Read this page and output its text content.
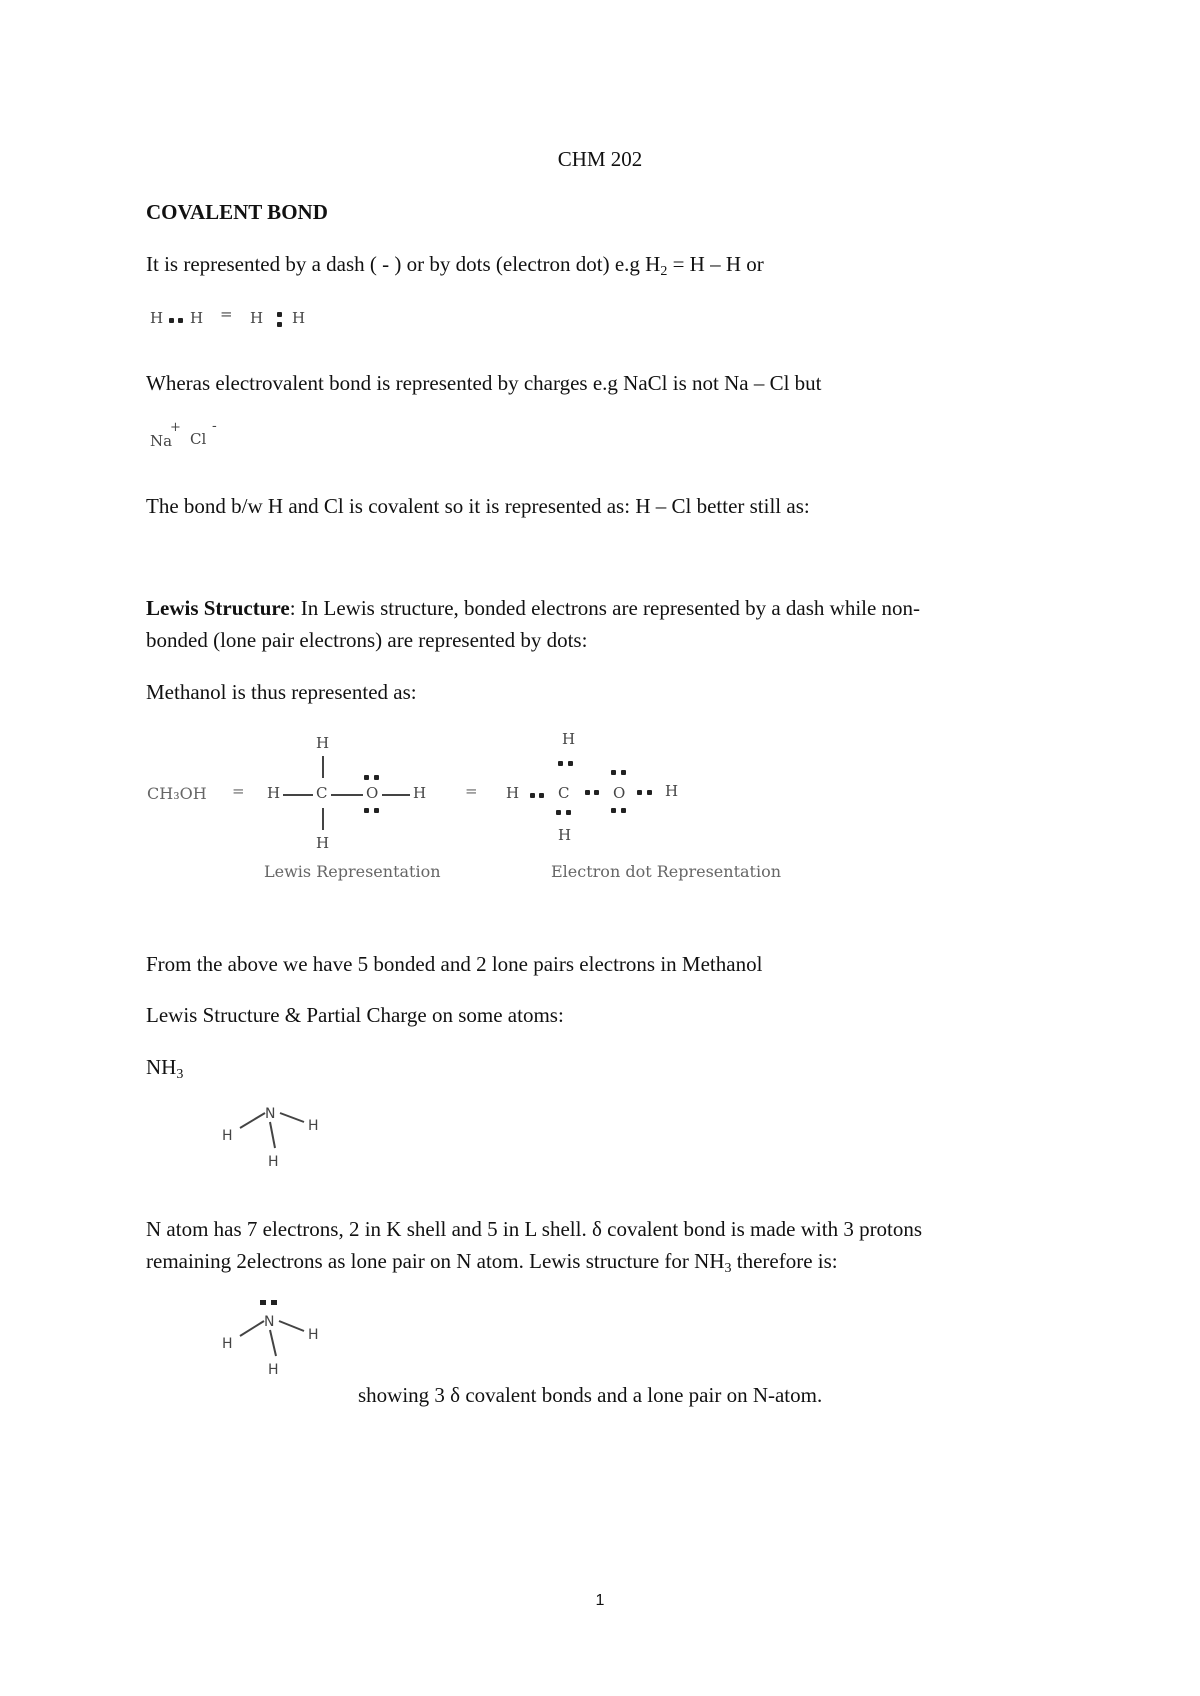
CHM 202
COVALENT BOND
It is represented by a dash ( - ) or by dots (electron dot) e.g $H_2 = H - H$ or
H H = H H
Wheras electrovalent bond is represented by charges e.g NaCl is not Na – Cl but
Na
+
Cl
-
The bond b/w H and Cl is covalent so it is represented as: H – Cl better still as:
Lewis Structure: In Lewis structure, bonded electrons are represented by a dash while non-
bonded (lone pair electrons) are represented by dots:
Methanol is thus represented as:
CH₃OH =
H
H C	O H
H
=
H
H	C	O	H
H
Lewis Representation	Electron dot Representation
From the above we have 5 bonded and 2 lone pairs electrons in Methanol
Lewis Structure & Partial Charge on some atoms:
$NH_3$
N
H
H
H
N atom has 7 electrons, 2 in K shell and 5 in L shell. δ covalent bond is made with 3 protons
remaining 2electrons as lone pair on N atom. Lewis structure for $NH_3$ therefore is:
N
H
H
H
showing 3 δ covalent bonds and a lone pair on N-atom.
1
